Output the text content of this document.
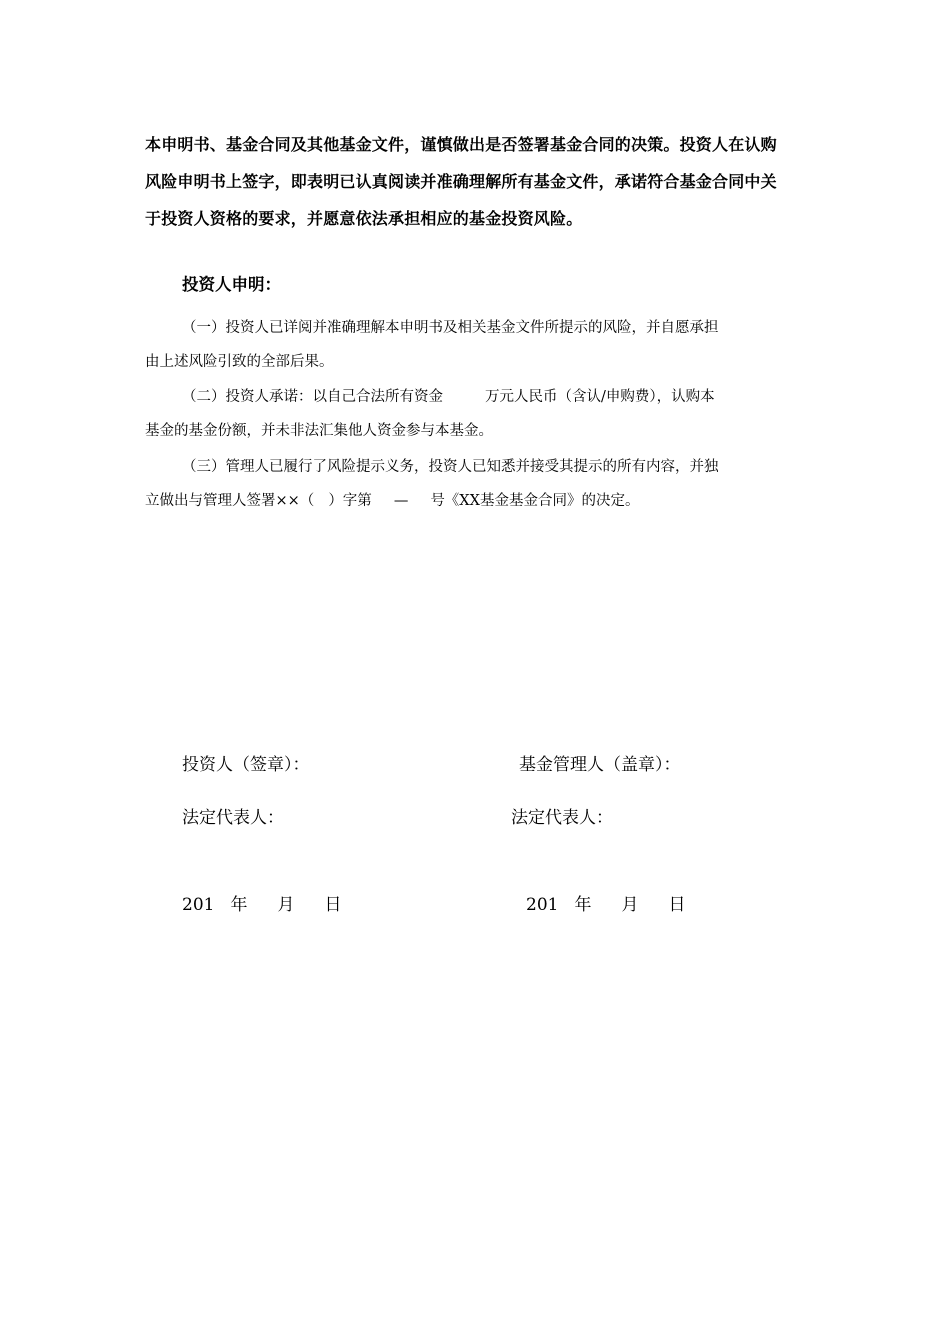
本申明书、基金合同及其他基金文件，谨慎做出是否签署基金合同的决策。投资人在认购
风险申明书上签字，即表明已认真阅读并准确理解所有基金文件，承诺符合基金合同中关
于投资人资格的要求，并愿意依法承担相应的基金投资风险。
投资人申明：
（一）投资人已详阅并准确理解本申明书及相关基金文件所提示的风险，并自愿承担
由上述风险引致的全部后果。
（二）投资人承诺：以自己合法所有资金	万元人民币（含认/申购费），认购本
基金的基金份额，并未非法汇集他人资金参与本基金。
（三）管理人已履行了风险提示义务，投资人已知悉并接受其提示的所有内容，并独
立做出与管理人签署××（ ）字第 — 号《XX基金基金合同》的决定。
投资人（签章）：	基金管理人（盖章）：
法定代表人：	法定代表人：
201 年 月 日	201 年 月 日
